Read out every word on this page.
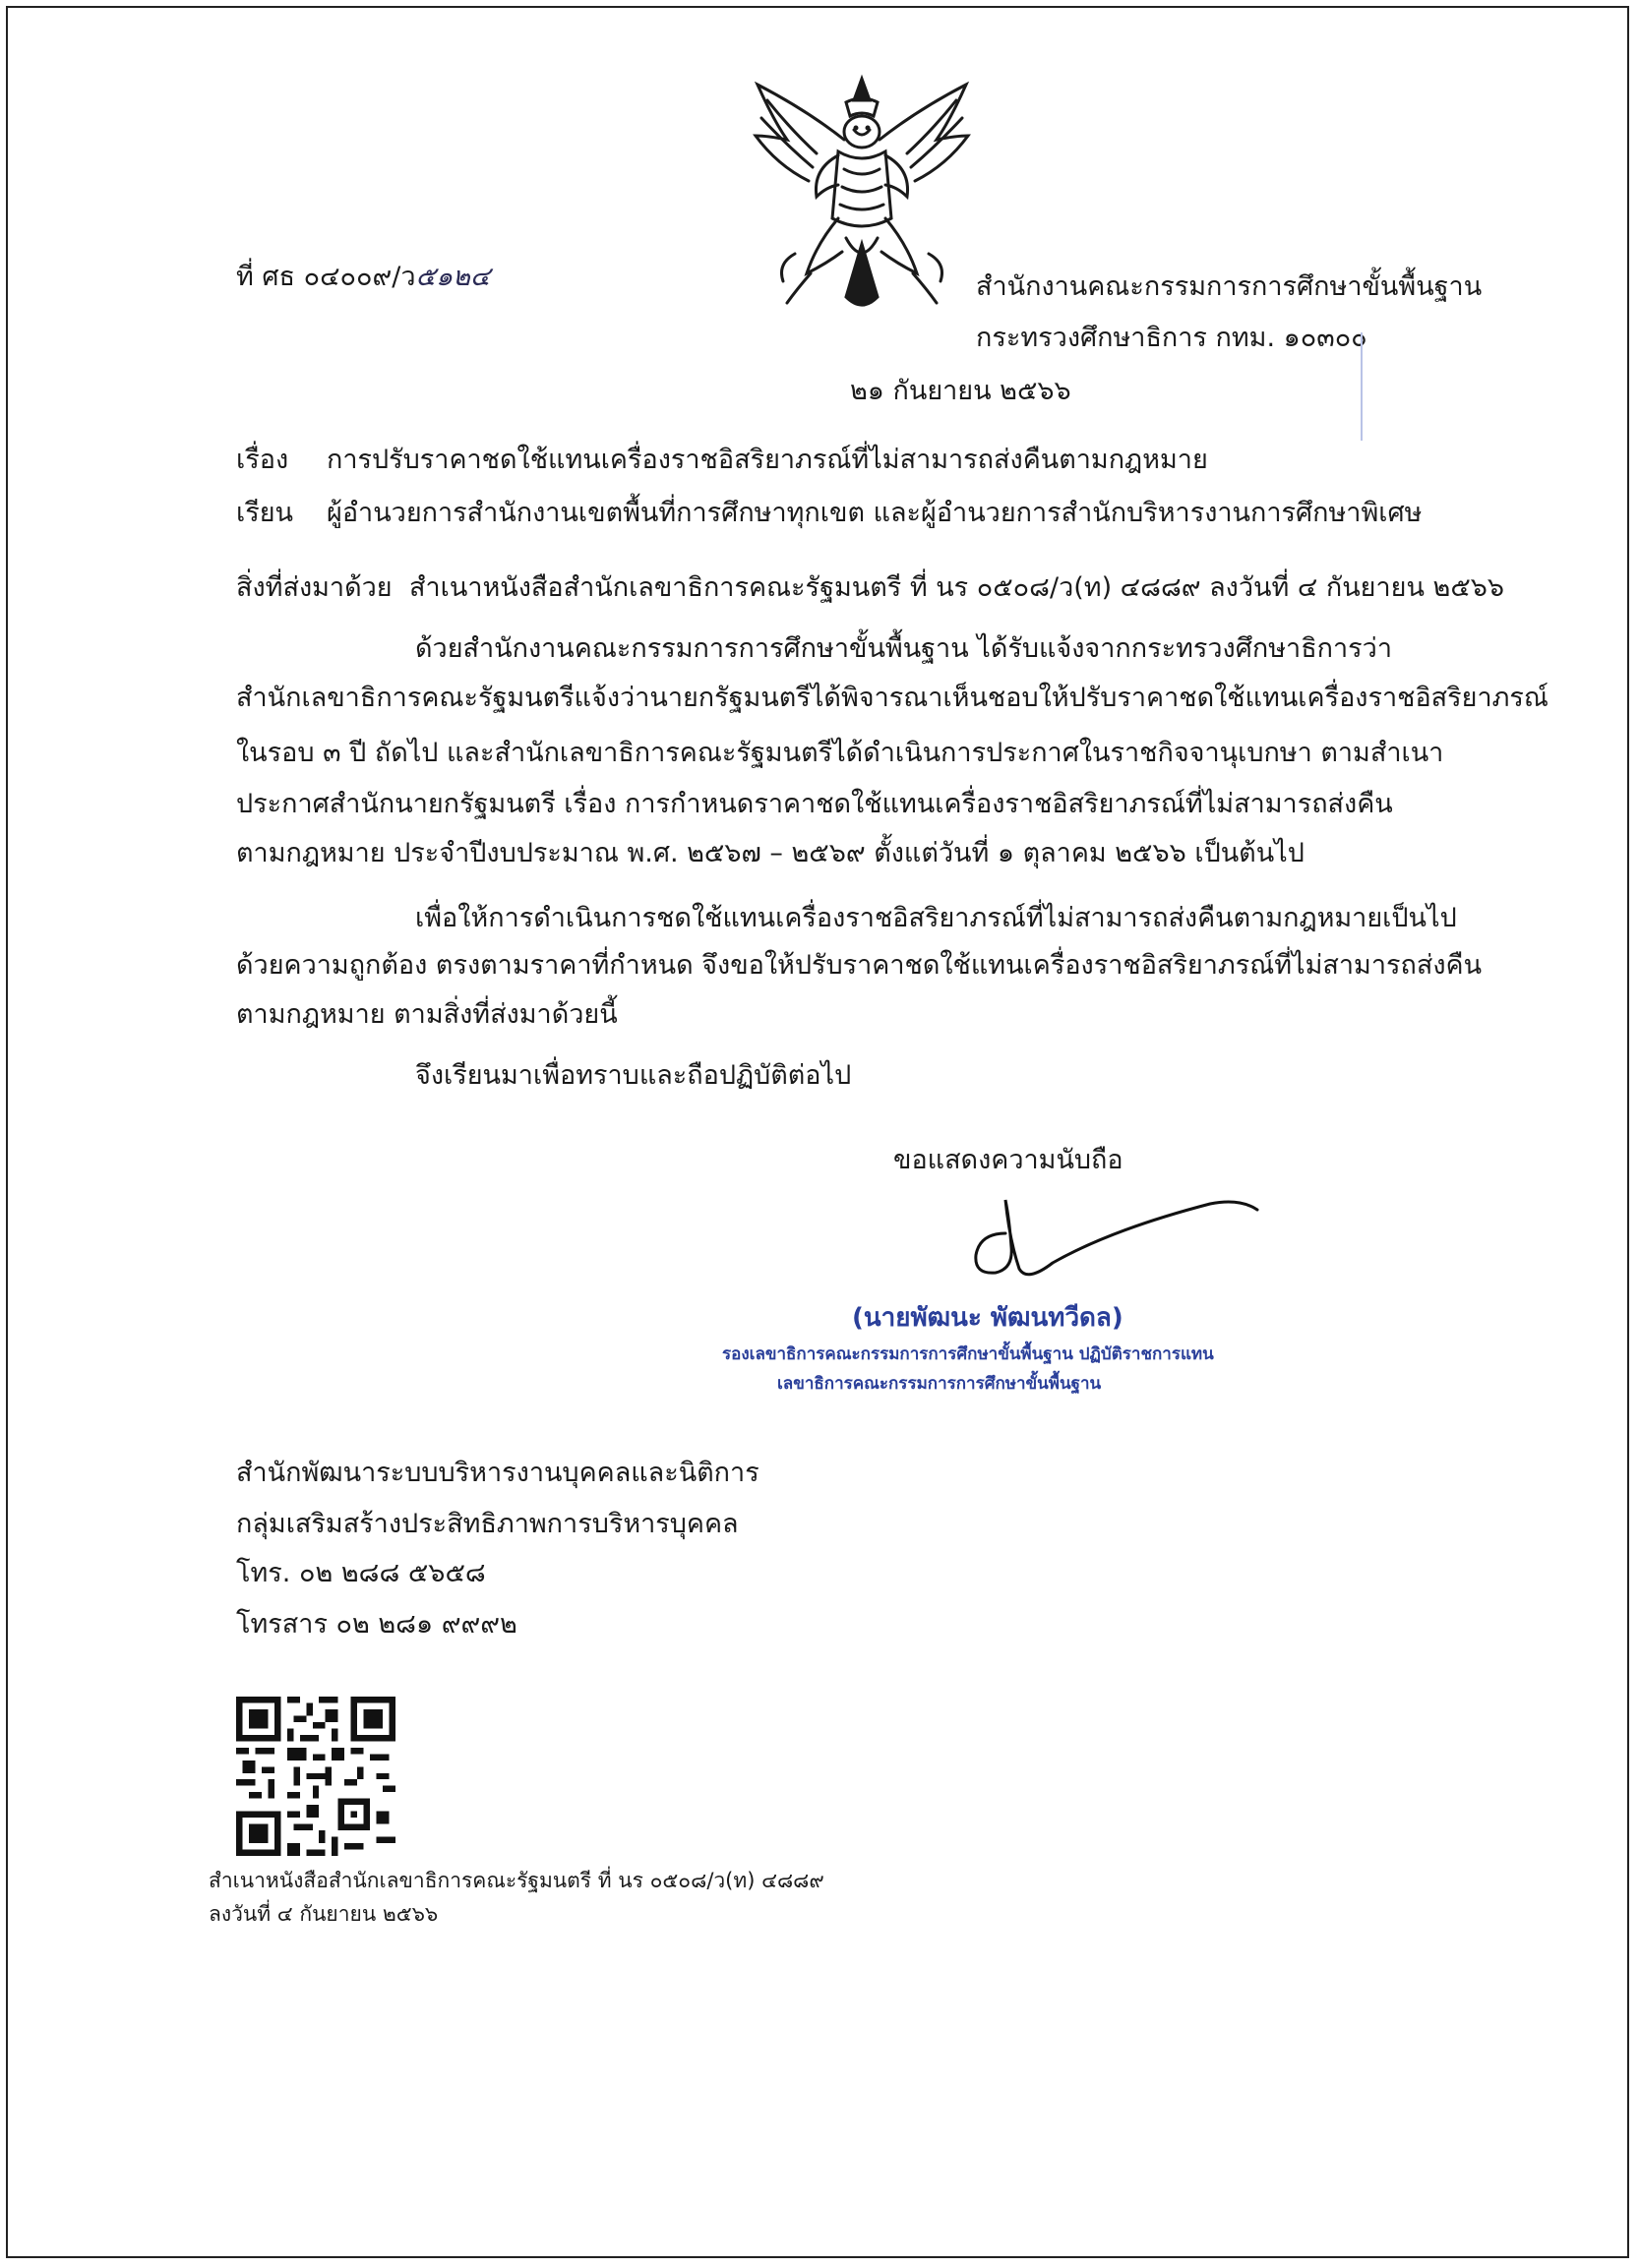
ที่ ศธ ๐๔๐๐๙/ว๕๑๒๔	สำนักงานคณะกรรมการการศึกษาขั้นพื้นฐาน
กระทรวงศึกษาธิการ กทม. ๑๐๓๐๐
๒๑ กันยายน ๒๕๖๖
เรื่อง การปรับราคาชดใช้แทนเครื่องราชอิสริยาภรณ์ที่ไม่สามารถส่งคืนตามกฎหมาย
เรียน ผู้อำนวยการสำนักงานเขตพื้นที่การศึกษาทุกเขต และผู้อำนวยการสำนักบริหารงานการศึกษาพิเศษ
สิ่งที่ส่งมาด้วย สำเนาหนังสือสำนักเลขาธิการคณะรัฐมนตรี ที่ นร ๐๕๐๘/ว(ท) ๔๘๘๙ ลงวันที่ ๔ กันยายน ๒๕๖๖
ด้วยสำนักงานคณะกรรมการการศึกษาขั้นพื้นฐาน ได้รับแจ้งจากกระทรวงศึกษาธิการว่า
สำนักเลขาธิการคณะรัฐมนตรีแจ้งว่านายกรัฐมนตรีได้พิจารณาเห็นชอบให้ปรับราคาชดใช้แทนเครื่องราชอิสริยาภรณ์
ในรอบ ๓ ปี ถัดไป และสำนักเลขาธิการคณะรัฐมนตรีได้ดำเนินการประกาศในราชกิจจานุเบกษา ตามสำเนา
ประกาศสำนักนายกรัฐมนตรี เรื่อง การกำหนดราคาชดใช้แทนเครื่องราชอิสริยาภรณ์ที่ไม่สามารถส่งคืน
ตามกฎหมาย ประจำปีงบประมาณ พ.ศ. ๒๕๖๗ – ๒๕๖๙ ตั้งแต่วันที่ ๑ ตุลาคม ๒๕๖๖ เป็นต้นไป
เพื่อให้การดำเนินการชดใช้แทนเครื่องราชอิสริยาภรณ์ที่ไม่สามารถส่งคืนตามกฎหมายเป็นไป
ด้วยความถูกต้อง ตรงตามราคาที่กำหนด จึงขอให้ปรับราคาชดใช้แทนเครื่องราชอิสริยาภรณ์ที่ไม่สามารถส่งคืน
ตามกฎหมาย ตามสิ่งที่ส่งมาด้วยนี้
จึงเรียนมาเพื่อทราบและถือปฏิบัติต่อไป
ขอแสดงความนับถือ
(นายพัฒนะ พัฒนทวีดล)
รองเลขาธิการคณะกรรมการการศึกษาขั้นพื้นฐาน ปฏิบัติราชการแทน
เลขาธิการคณะกรรมการการศึกษาขั้นพื้นฐาน
สำนักพัฒนาระบบบริหารงานบุคคลและนิติการ
กลุ่มเสริมสร้างประสิทธิภาพการบริหารบุคคล
โทร. ๐๒ ๒๘๘ ๕๖๕๘
โทรสาร ๐๒ ๒๘๑ ๙๙๙๒
สำเนาหนังสือสำนักเลขาธิการคณะรัฐมนตรี ที่ นร ๐๕๐๘/ว(ท) ๔๘๘๙
ลงวันที่ ๔ กันยายน ๒๕๖๖
